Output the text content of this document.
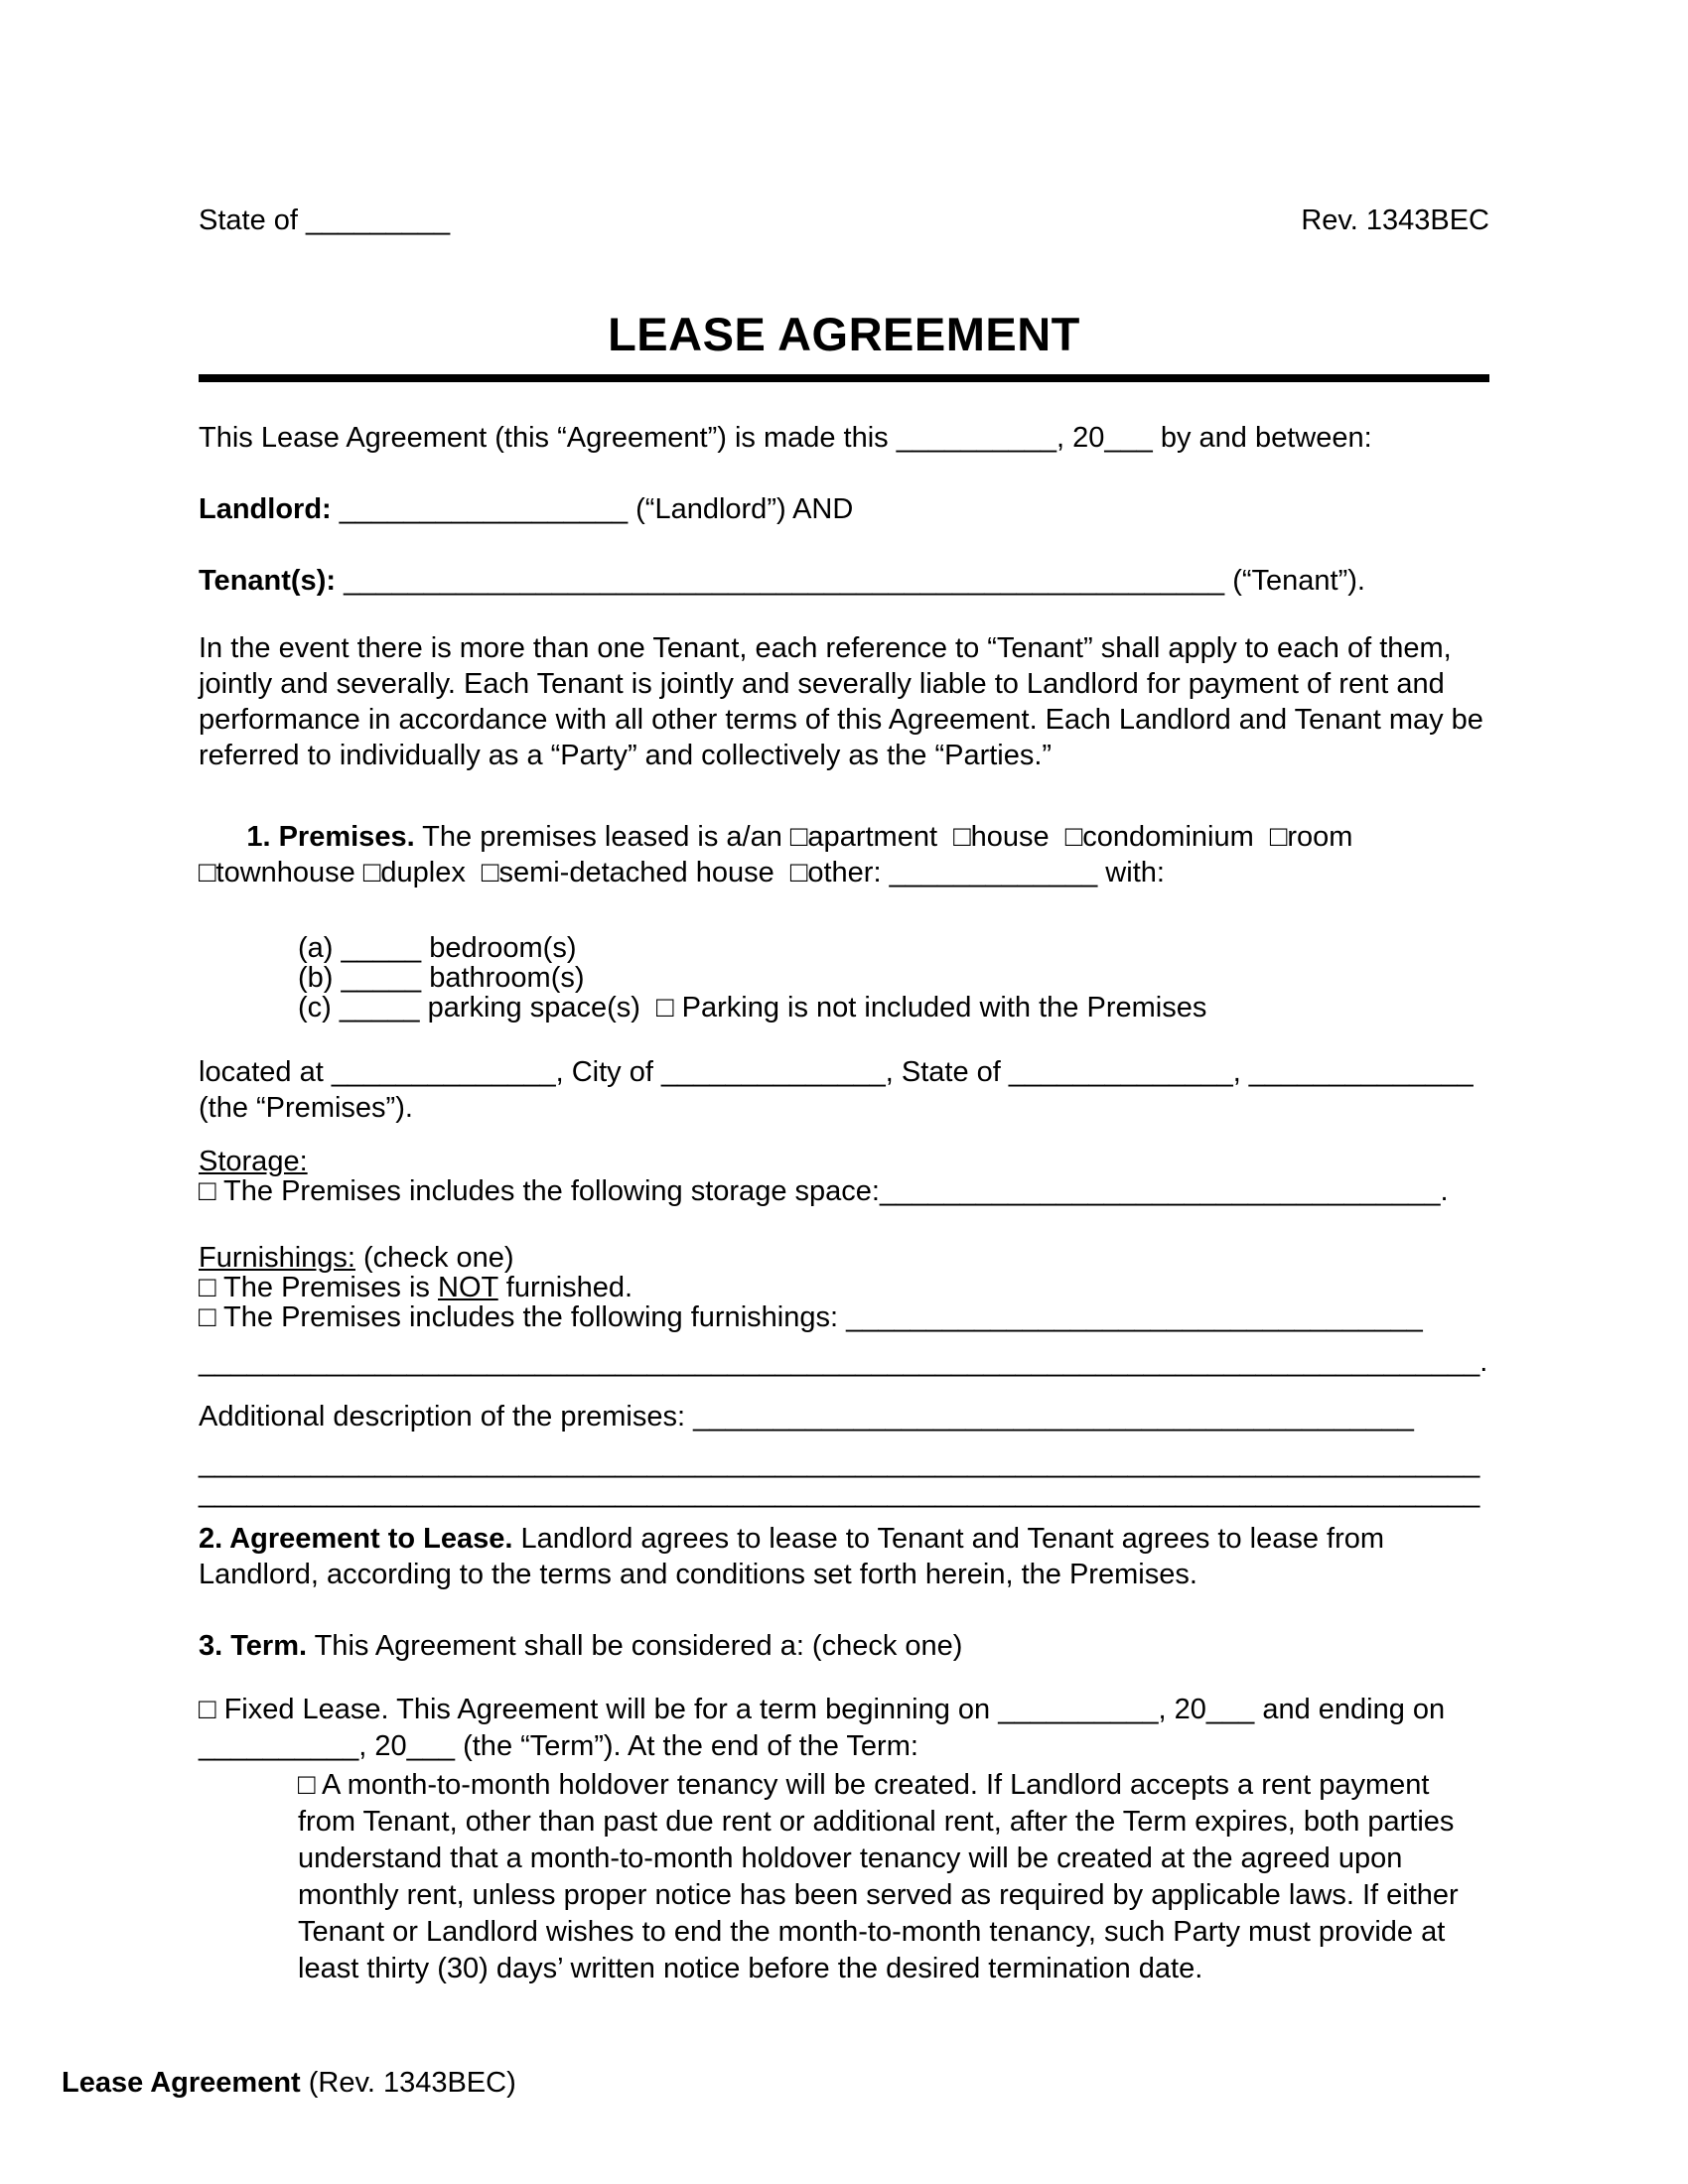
State of _________	Rev. 1343BEC
LEASE AGREEMENT
This Lease Agreement (this “Agreement”) is made this __________, 20___ by and between:
Landlord: __________________ (“Landlord”) AND
Tenant(s): _______________________________________________________ (“Tenant”).
In the event there is more than one Tenant, each reference to “Tenant” shall apply to each of them, jointly and severally. Each Tenant is jointly and severally liable to Landlord for payment of rent and performance in accordance with all other terms of this Agreement. Each Landlord and Tenant may be referred to individually as a “Party” and collectively as the “Parties.”

1. Premises. The premises leased is a/an □apartment  □house  □condominium  □room  □townhouse □duplex  □semi-detached house  □other: _____________ with:

(a) _____ bedroom(s)
(b) _____ bathroom(s)
(c) _____ parking space(s)  □ Parking is not included with the Premises
located at ______________, City of ______________, State of ______________, ______________
(the “Premises”).
Storage:
□ The Premises includes the following storage space:___________________________________.
Furnishings: (check one)
□ The Premises is NOT furnished.
□ The Premises includes the following furnishings: ____________________________________
________________________________________________________________________________.
Additional description of the premises: _____________________________________________
________________________________________________________________________________
________________________________________________________________________________
2. Agreement to Lease. Landlord agrees to lease to Tenant and Tenant agrees to lease from Landlord, according to the terms and conditions set forth herein, the Premises.
3. Term. This Agreement shall be considered a: (check one)
□ Fixed Lease. This Agreement will be for a term beginning on __________, 20___ and ending on __________, 20___ (the “Term”). At the end of the Term:
□ A month-to-month holdover tenancy will be created. If Landlord accepts a rent payment from Tenant, other than past due rent or additional rent, after the Term expires, both parties understand that a month-to-month holdover tenancy will be created at the agreed upon monthly rent, unless proper notice has been served as required by applicable laws. If either Tenant or Landlord wishes to end the month-to-month tenancy, such Party must provide at least thirty (30) days’ written notice before the desired termination date.
Lease Agreement (Rev. 1343BEC)
